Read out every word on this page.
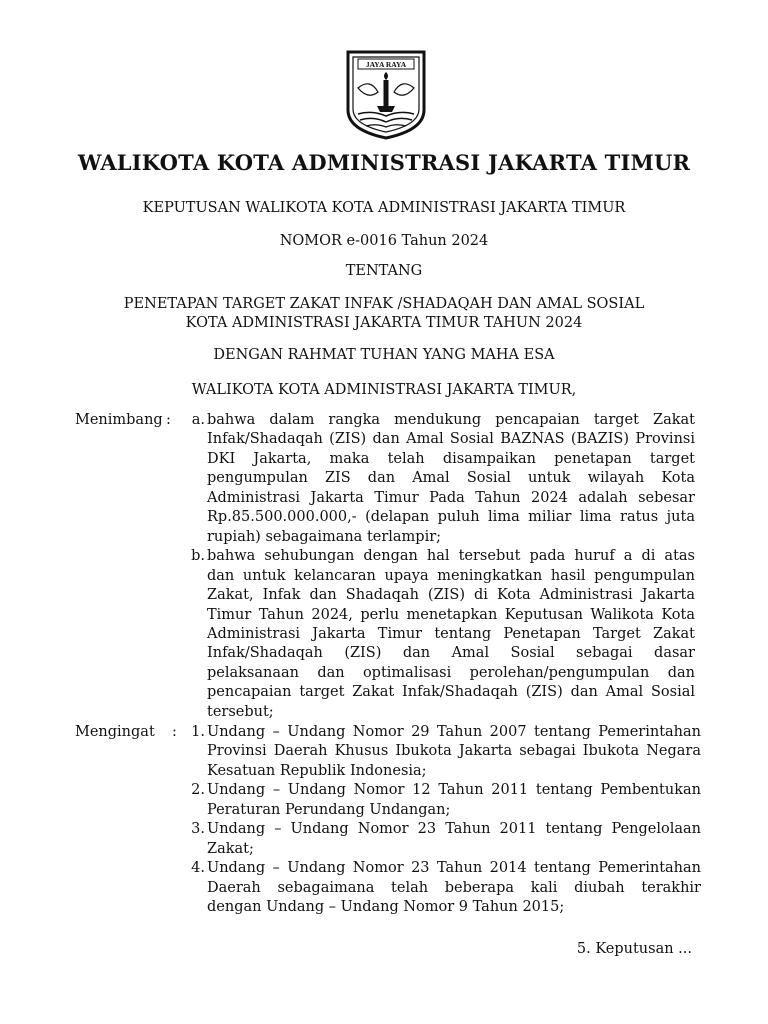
JAYA RAYA
WALIKOTA KOTA ADMINISTRASI JAKARTA TIMUR
KEPUTUSAN WALIKOTA KOTA ADMINISTRASI JAKARTA TIMUR
NOMOR e-0016 Tahun 2024
TENTANG
PENETAPAN TARGET ZAKAT INFAK /SHADAQAH DAN AMAL SOSIAL
KOTA ADMINISTRASI JAKARTA TIMUR TAHUN 2024
DENGAN RAHMAT TUHAN YANG MAHA ESA
WALIKOTA KOTA ADMINISTRASI JAKARTA TIMUR,
Menimbang :	a. bahwa dalam rangka mendukung pencapaian target Zakat
Infak/Shadaqah (ZIS) dan Amal Sosial BAZNAS (BAZIS) Provinsi
DKI Jakarta, maka telah disampaikan penetapan target
pengumpulan ZIS dan Amal Sosial untuk wilayah Kota
Administrasi Jakarta Timur Pada Tahun 2024 adalah sebesar
Rp.85.500.000.000,- (delapan puluh lima miliar lima ratus juta
rupiah) sebagaimana terlampir;
b. bahwa sehubungan dengan hal tersebut pada huruf a di atas
dan untuk kelancaran upaya meningkatkan hasil pengumpulan
Zakat, Infak dan Shadaqah (ZIS) di Kota Administrasi Jakarta
Timur Tahun 2024, perlu menetapkan Keputusan Walikota Kota
Administrasi Jakarta Timur tentang Penetapan Target Zakat
Infak/Shadaqah (ZIS) dan Amal Sosial sebagai dasar
pelaksanaan dan optimalisasi perolehan/pengumpulan dan
pencapaian target Zakat Infak/Shadaqah (ZIS) dan Amal Sosial
tersebut;
Mengingat : 1. Undang – Undang Nomor 29 Tahun 2007 tentang Pemerintahan
Provinsi Daerah Khusus Ibukota Jakarta sebagai Ibukota Negara
Kesatuan Republik Indonesia;
2. Undang – Undang Nomor 12 Tahun 2011 tentang Pembentukan
Peraturan Perundang Undangan;
3. Undang – Undang Nomor 23 Tahun 2011 tentang Pengelolaan
Zakat;
4. Undang – Undang Nomor 23 Tahun 2014 tentang Pemerintahan
Daerah sebagaimana telah beberapa kali diubah terakhir
dengan Undang – Undang Nomor 9 Tahun 2015;
5. Keputusan ...
